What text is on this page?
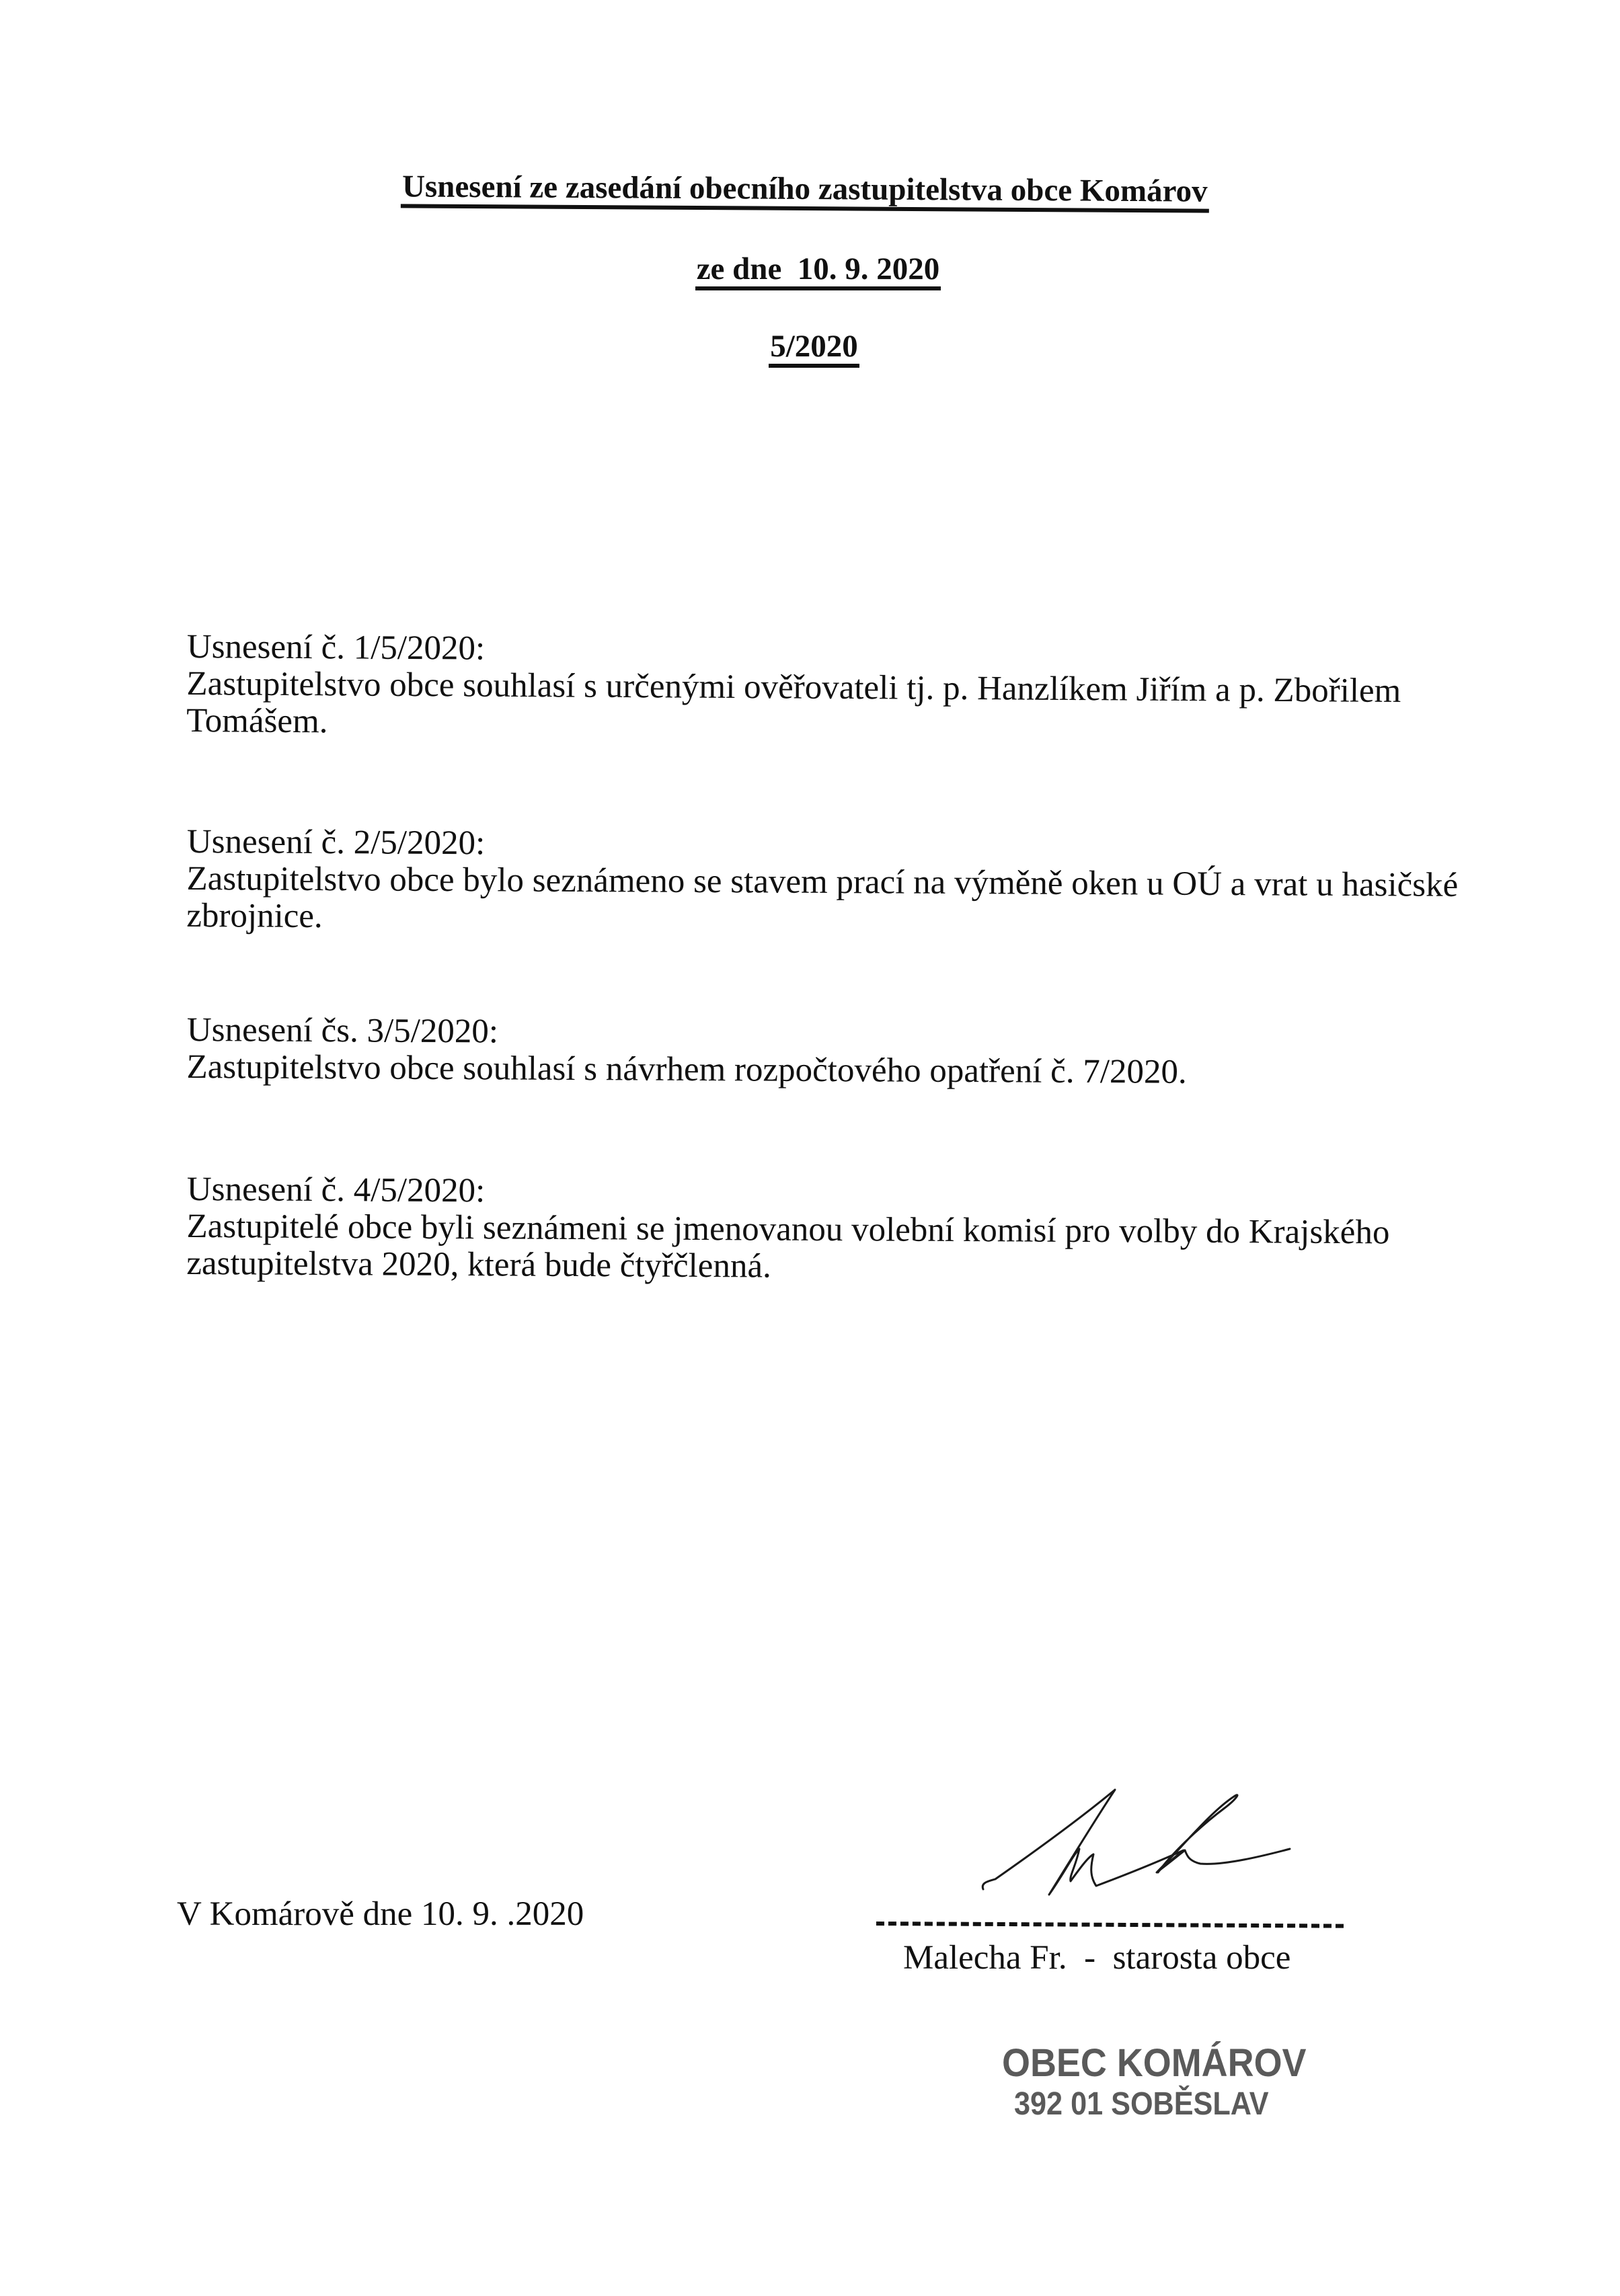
Usnesení ze zasedání obecního zastupitelstva obce Komárov
ze dne  10. 9. 2020
5/2020
Usnesení č. 1/5/2020:
Zastupitelstvo obce souhlasí s určenými ověřovateli tj. p. Hanzlíkem Jiřím a p. Zbořilem
Tomášem.
Usnesení č. 2/5/2020:
Zastupitelstvo obce bylo seznámeno se stavem prací na výměně oken u OÚ a vrat u hasičské
zbrojnice.
Usnesení čs. 3/5/2020:
Zastupitelstvo obce souhlasí s návrhem rozpočtového opatření č. 7/2020.
Usnesení č. 4/5/2020:
Zastupitelé obce byli seznámeni se jmenovanou volební komisí pro volby do Krajského
zastupitelstva 2020, která bude čtyřčlenná.
V Komárově dne 10. 9. .2020
Malecha Fr.  -  starosta obce
OBEC KOMÁROV
392 01 SOBĚSLAV
